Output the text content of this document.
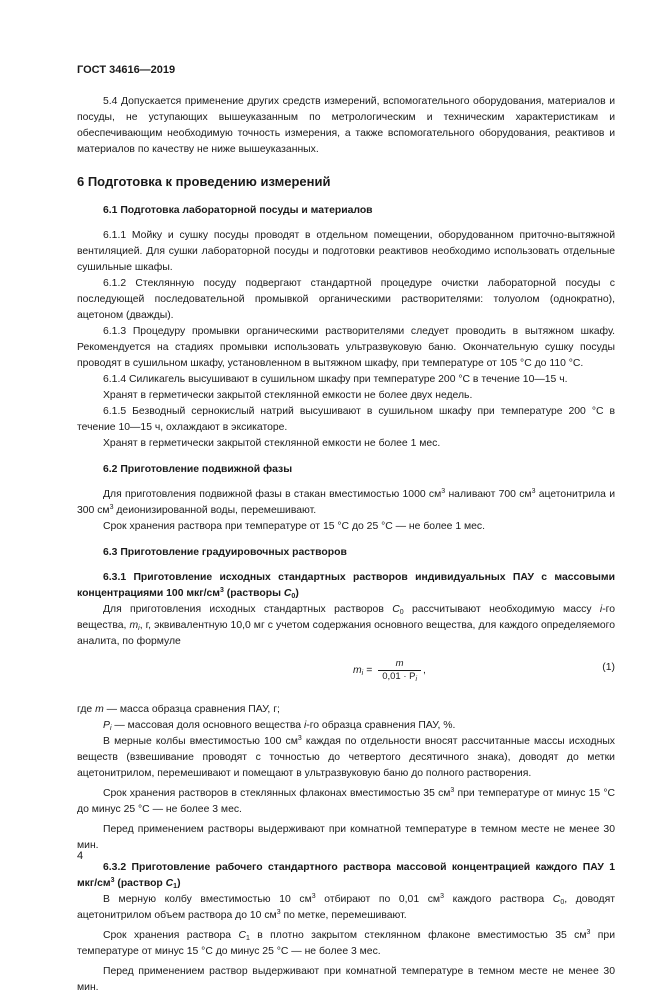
ГОСТ 34616—2019

5.4 Допускается применение других средств измерений, вспомогательного оборудования, материалов и посуды, не уступающих вышеуказанным по метрологическим и техническим характеристикам и обеспечивающим необходимую точность измерения, а также вспомогательного оборудования, реактивов и материалов по качеству не ниже вышеуказанных.

6 Подготовка к проведению измерений
6.1 Подготовка лабораторной посуды и материалов

6.1.1 Мойку и сушку посуды проводят в отдельном помещении, оборудованном приточно-вытяжной вентиляцией. Для сушки лабораторной посуды и подготовки реактивов необходимо использовать отдельные сушильные шкафы.

6.1.2 Стеклянную посуду подвергают стандартной процедуре очистки лабораторной посуды с последующей последовательной промывкой органическими растворителями: толуолом (однократно), ацетоном (дважды).

6.1.3 Процедуру промывки органическими растворителями следует проводить в вытяжном шкафу. Рекомендуется на стадиях промывки использовать ультразвуковую баню. Окончательную сушку посуды проводят в сушильном шкафу, установленном в вытяжном шкафу, при температуре от 105 °С до 110 °С.

6.1.4 Силикагель высушивают в сушильном шкафу при температуре 200 °С в течение 10—15 ч.

Хранят в герметически закрытой стеклянной емкости не более двух недель.

6.1.5 Безводный сернокислый натрий высушивают в сушильном шкафу при температуре 200 °С в течение 10—15 ч, охлаждают в эксикаторе.

Хранят в герметически закрытой стеклянной емкости не более 1 мес.

6.2 Приготовление подвижной фазы

Для приготовления подвижной фазы в стакан вместимостью 1000 $см^3$ наливают 700 $см^3$ ацетонитрила и 300 $см^3$ деионизированной воды, перемешивают.

Срок хранения раствора при температуре от 15 °С до 25 °С — не более 1 мес.

6.3 Приготовление градуировочных растворов

6.3.1 Приготовление исходных стандартных растворов индивидуальных ПАУ с массовыми концентрациями 100 мкг/$см^3$ (растворы $C_0$)

Для приготовления исходных стандартных растворов $C_0$ рассчитывают необходимую массу i-го вещества, $m_i$, г, эквивалентную 10,0 мг с учетом содержания основного вещества, для каждого определяемого аналита, по формуле

$m_i = \frac{m}{0,01 \cdot P_i}$ ,	(1)

где m — масса образца сравнения ПАУ, г;

$P_i$ — массовая доля основного вещества i-го образца сравнения ПАУ, %.

В мерные колбы вместимостью 100 $см^3$ каждая по отдельности вносят рассчитанные массы исходных веществ (взвешивание проводят с точностью до четвертого десятичного знака), доводят до метки ацетонитрилом, перемешивают и помещают в ультразвуковую баню до полного растворения.

Срок хранения растворов в стеклянных флаконах вместимостью 35 $см^3$ при температуре от минус 15 °С до минус 25 °С — не более 3 мес.

Перед применением растворы выдерживают при комнатной температуре в темном месте не менее 30 мин.

6.3.2 Приготовление рабочего стандартного раствора массовой концентрацией каждого ПАУ 1 мкг/$см^3$ (раствор $C_1$)

В мерную колбу вместимостью 10 $см^3$ отбирают по 0,01 $см^3$ каждого раствора $C_0$, доводят ацетонитрилом объем раствора до 10 $см^3$ по метке, перемешивают.

Срок хранения раствора $C_1$ в плотно закрытом стеклянном флаконе вместимостью 35 $см^3$ при температуре от минус 15 °С до минус 25 °С — не более 3 мес.

Перед применением раствор выдерживают при комнатной температуре в темном месте не менее 30 мин.

4
